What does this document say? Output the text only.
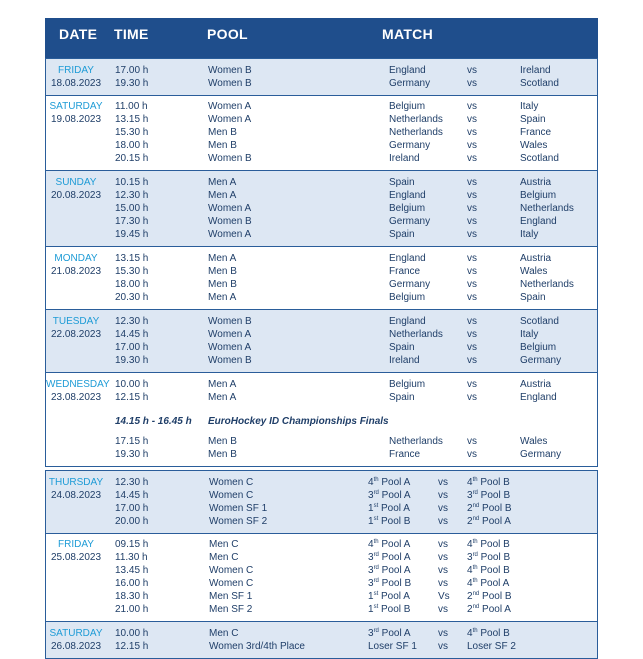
DATE TIME	POOL	MATCH
FRIDAY
18.08.2023
17.00 h	Women B	England	vs	Ireland
19.30 h	Women B	Germany	vs	Scotland
SATURDAY
19.08.2023
11.00 h	Women A	Belgium	vs	Italy
13.15 h	Women A	Netherlands vs	Spain
15.30 h	Men B	Netherlands vs	France
18.00 h	Men B	Germany	vs	Wales
20.15 h	Women B	Ireland	vs	Scotland
SUNDAY
20.08.2023
10.15 h	Men A	Spain	vs	Austria
12.30 h	Men A	England	vs	Belgium
15.00 h	Women A	Belgium	vs	Netherlands
17.30 h	Women B	Germany	vs	England
19.45 h	Women A	Spain	vs	Italy
MONDAY
21.08.2023
13.15 h	Men A	England	vs	Austria
15.30 h	Men B	France	vs	Wales
18.00 h	Men B	Germany	vs	Netherlands
20.30 h	Men A	Belgium	vs	Spain
TUESDAY
22.08.2023
12.30 h	Women B	England	vs	Scotland
14.45 h	Women A	Netherlands vs	Italy
17.00 h	Women A	Spain	vs	Belgium
19.30 h	Women B	Ireland	vs	Germany
WEDNESDAY
23.08.2023
10.00 h	Men A	Belgium	vs	Austria
12.15 h	Men A	Spain	vs	England
14.15 h - 16.45 h EuroHockey ID Championships Finals
17.15 h	Men B	Netherlands vs	Wales
19.30 h	Men B	France	vs	Germany
THURSDAY
24.08.2023
12.30 h	Women C	4th Pool A	vs 4th Pool B
14.45 h	Women C	3rd Pool A	vs 3rd Pool B
17.00 h	Women SF 1	1st Pool A	vs 2nd Pool B
20.00 h	Women SF 2	1st Pool B	vs 2nd Pool A
FRIDAY
25.08.2023
09.15 h	Men C	4th Pool A	vs 4th Pool B
11.30 h	Men C	3rd Pool A	vs 3rd Pool B
13.45 h	Women C	3rd Pool A	vs 4th Pool B
16.00 h	Women C	3rd Pool B	vs 4th Pool A
18.30 h	Men SF 1	1st Pool A	Vs 2nd Pool B
21.00 h	Men SF 2	1st Pool B	vs 2nd Pool A
SATURDAY
26.08.2023
10.00 h	Men C	3rd Pool A	vs 4th Pool B
12.15 h	Women 3rd/4th Place	Loser SF 1 vs Loser SF 2
